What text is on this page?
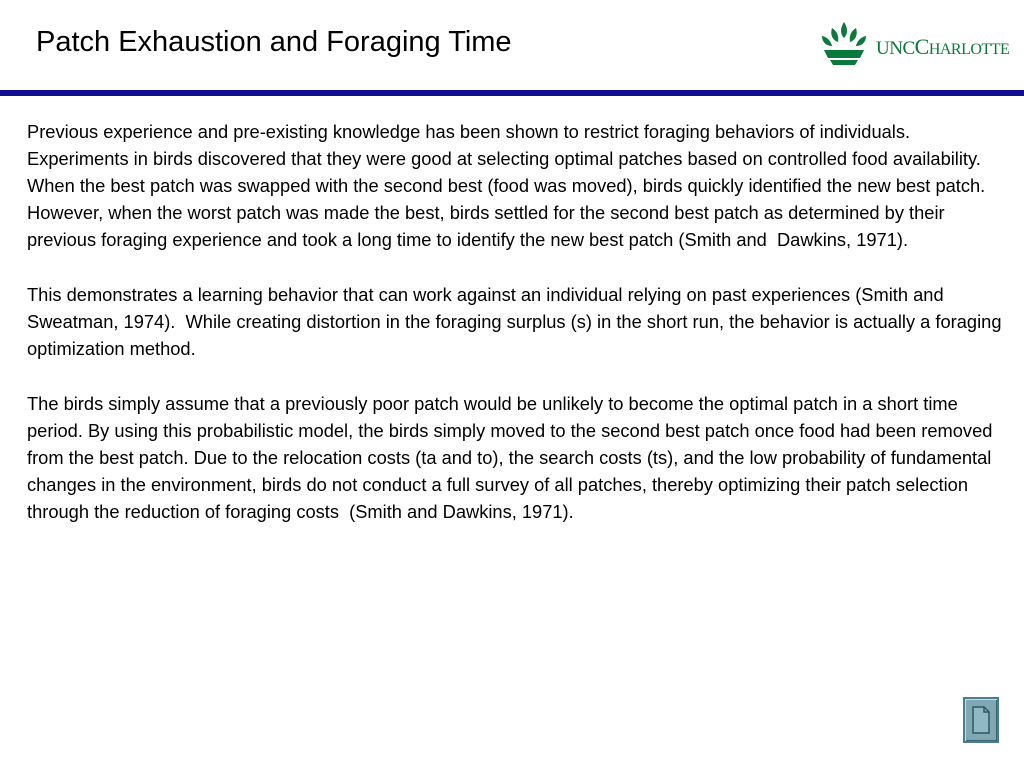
Patch Exhaustion and Foraging Time	UNCCHARLOTTE

Previous experience and pre-existing knowledge has been shown to restrict foraging behaviors of individuals. Experiments in birds discovered that they were good at selecting optimal patches based on controlled food availability. When the best patch was swapped with the second best (food was moved), birds quickly identified the new best patch.  However, when the worst patch was made the best, birds settled for the second best patch as determined by their previous foraging experience and took a long time to identify the new best patch (Smith and  Dawkins, 1971).

This demonstrates a learning behavior that can work against an individual relying on past experiences (Smith and Sweatman, 1974).  While creating distortion in the foraging surplus (s) in the short run, the behavior is actually a foraging optimization method.

The birds simply assume that a previously poor patch would be unlikely to become the optimal patch in a short time period. By using this probabilistic model, the birds simply moved to the second best patch once food had been removed from the best patch. Due to the relocation costs (ta and to), the search costs (ts), and the low probability of fundamental changes in the environment, birds do not conduct a full survey of all patches, thereby optimizing their patch selection through the reduction of foraging costs  (Smith and Dawkins, 1971).
